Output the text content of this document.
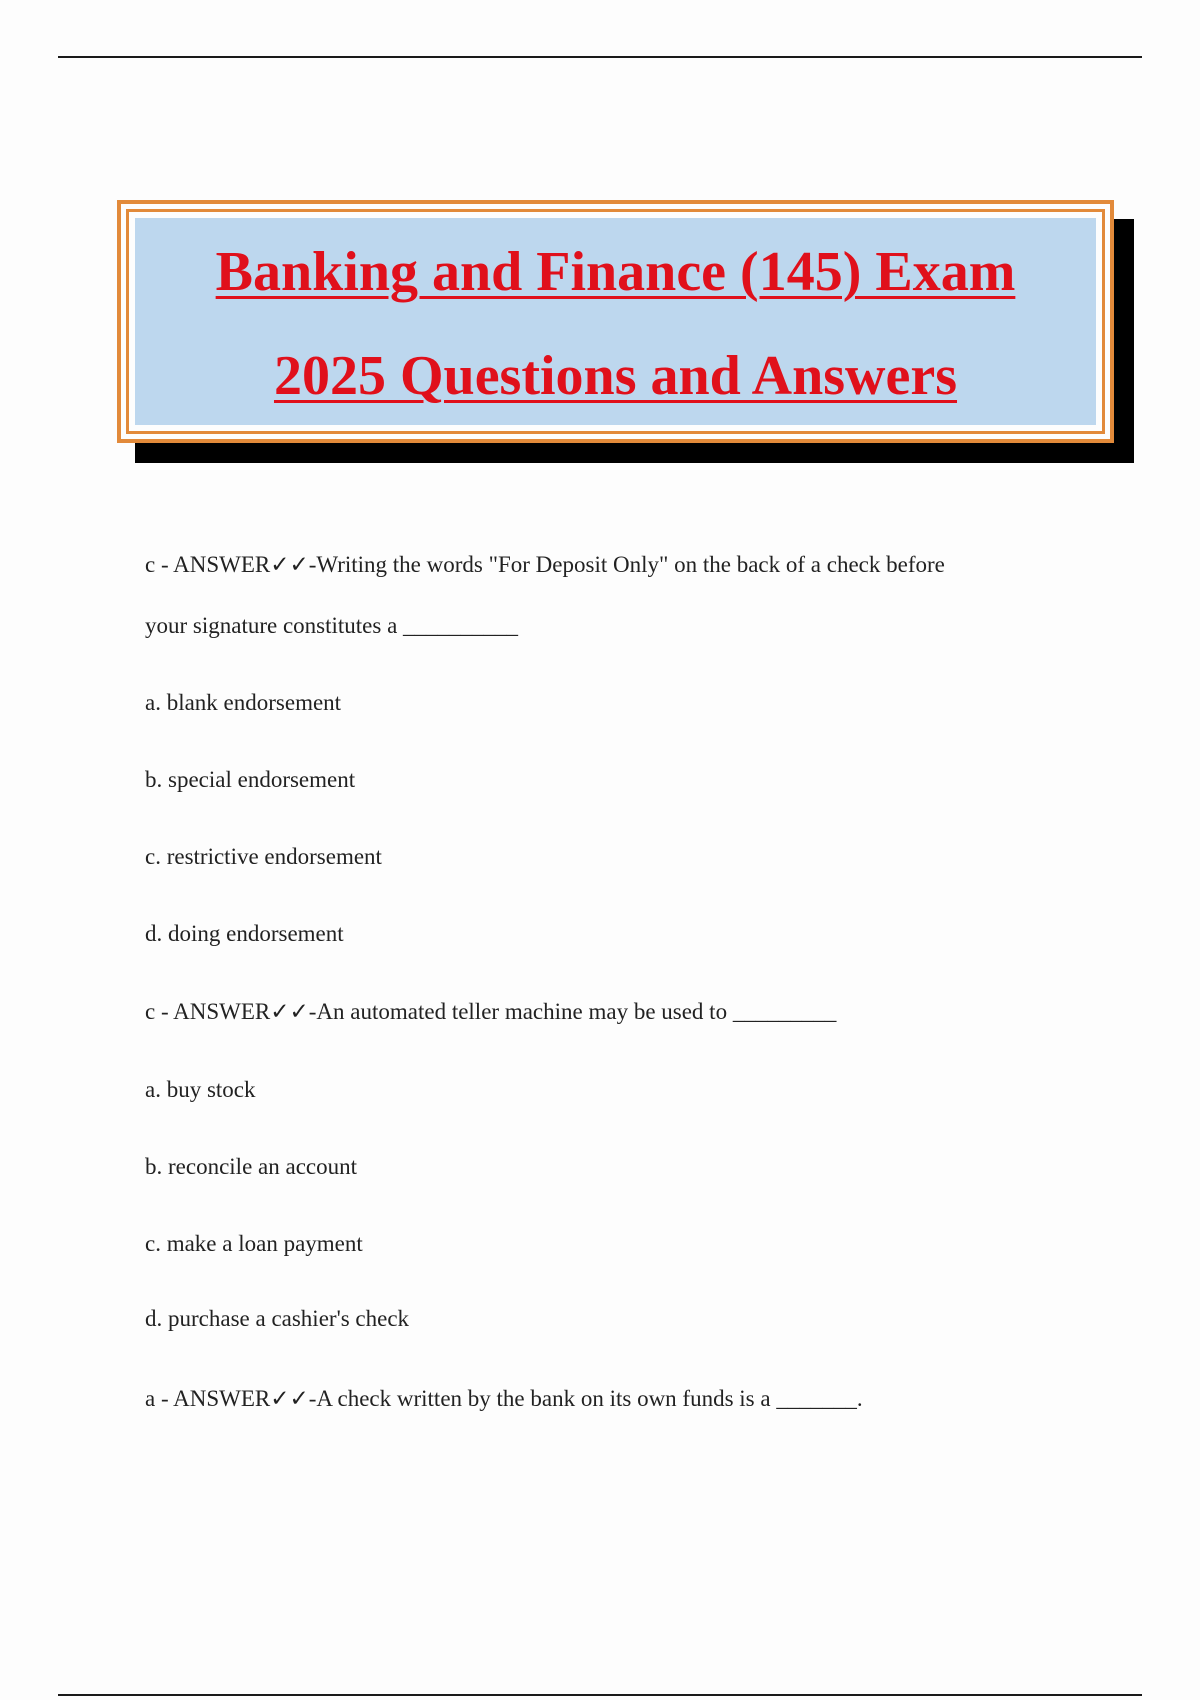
Banking and Finance (145) Exam
2025 Questions and Answers
c - ANSWER✓✓-Writing the words "For Deposit Only" on the back of a check before
your signature constitutes a __________
a. blank endorsement
b. special endorsement
c. restrictive endorsement
d. doing endorsement
c - ANSWER✓✓-An automated teller machine may be used to _________
a. buy stock
b. reconcile an account
c. make a loan payment
d. purchase a cashier's check
a - ANSWER✓✓-A check written by the bank on its own funds is a _______.
